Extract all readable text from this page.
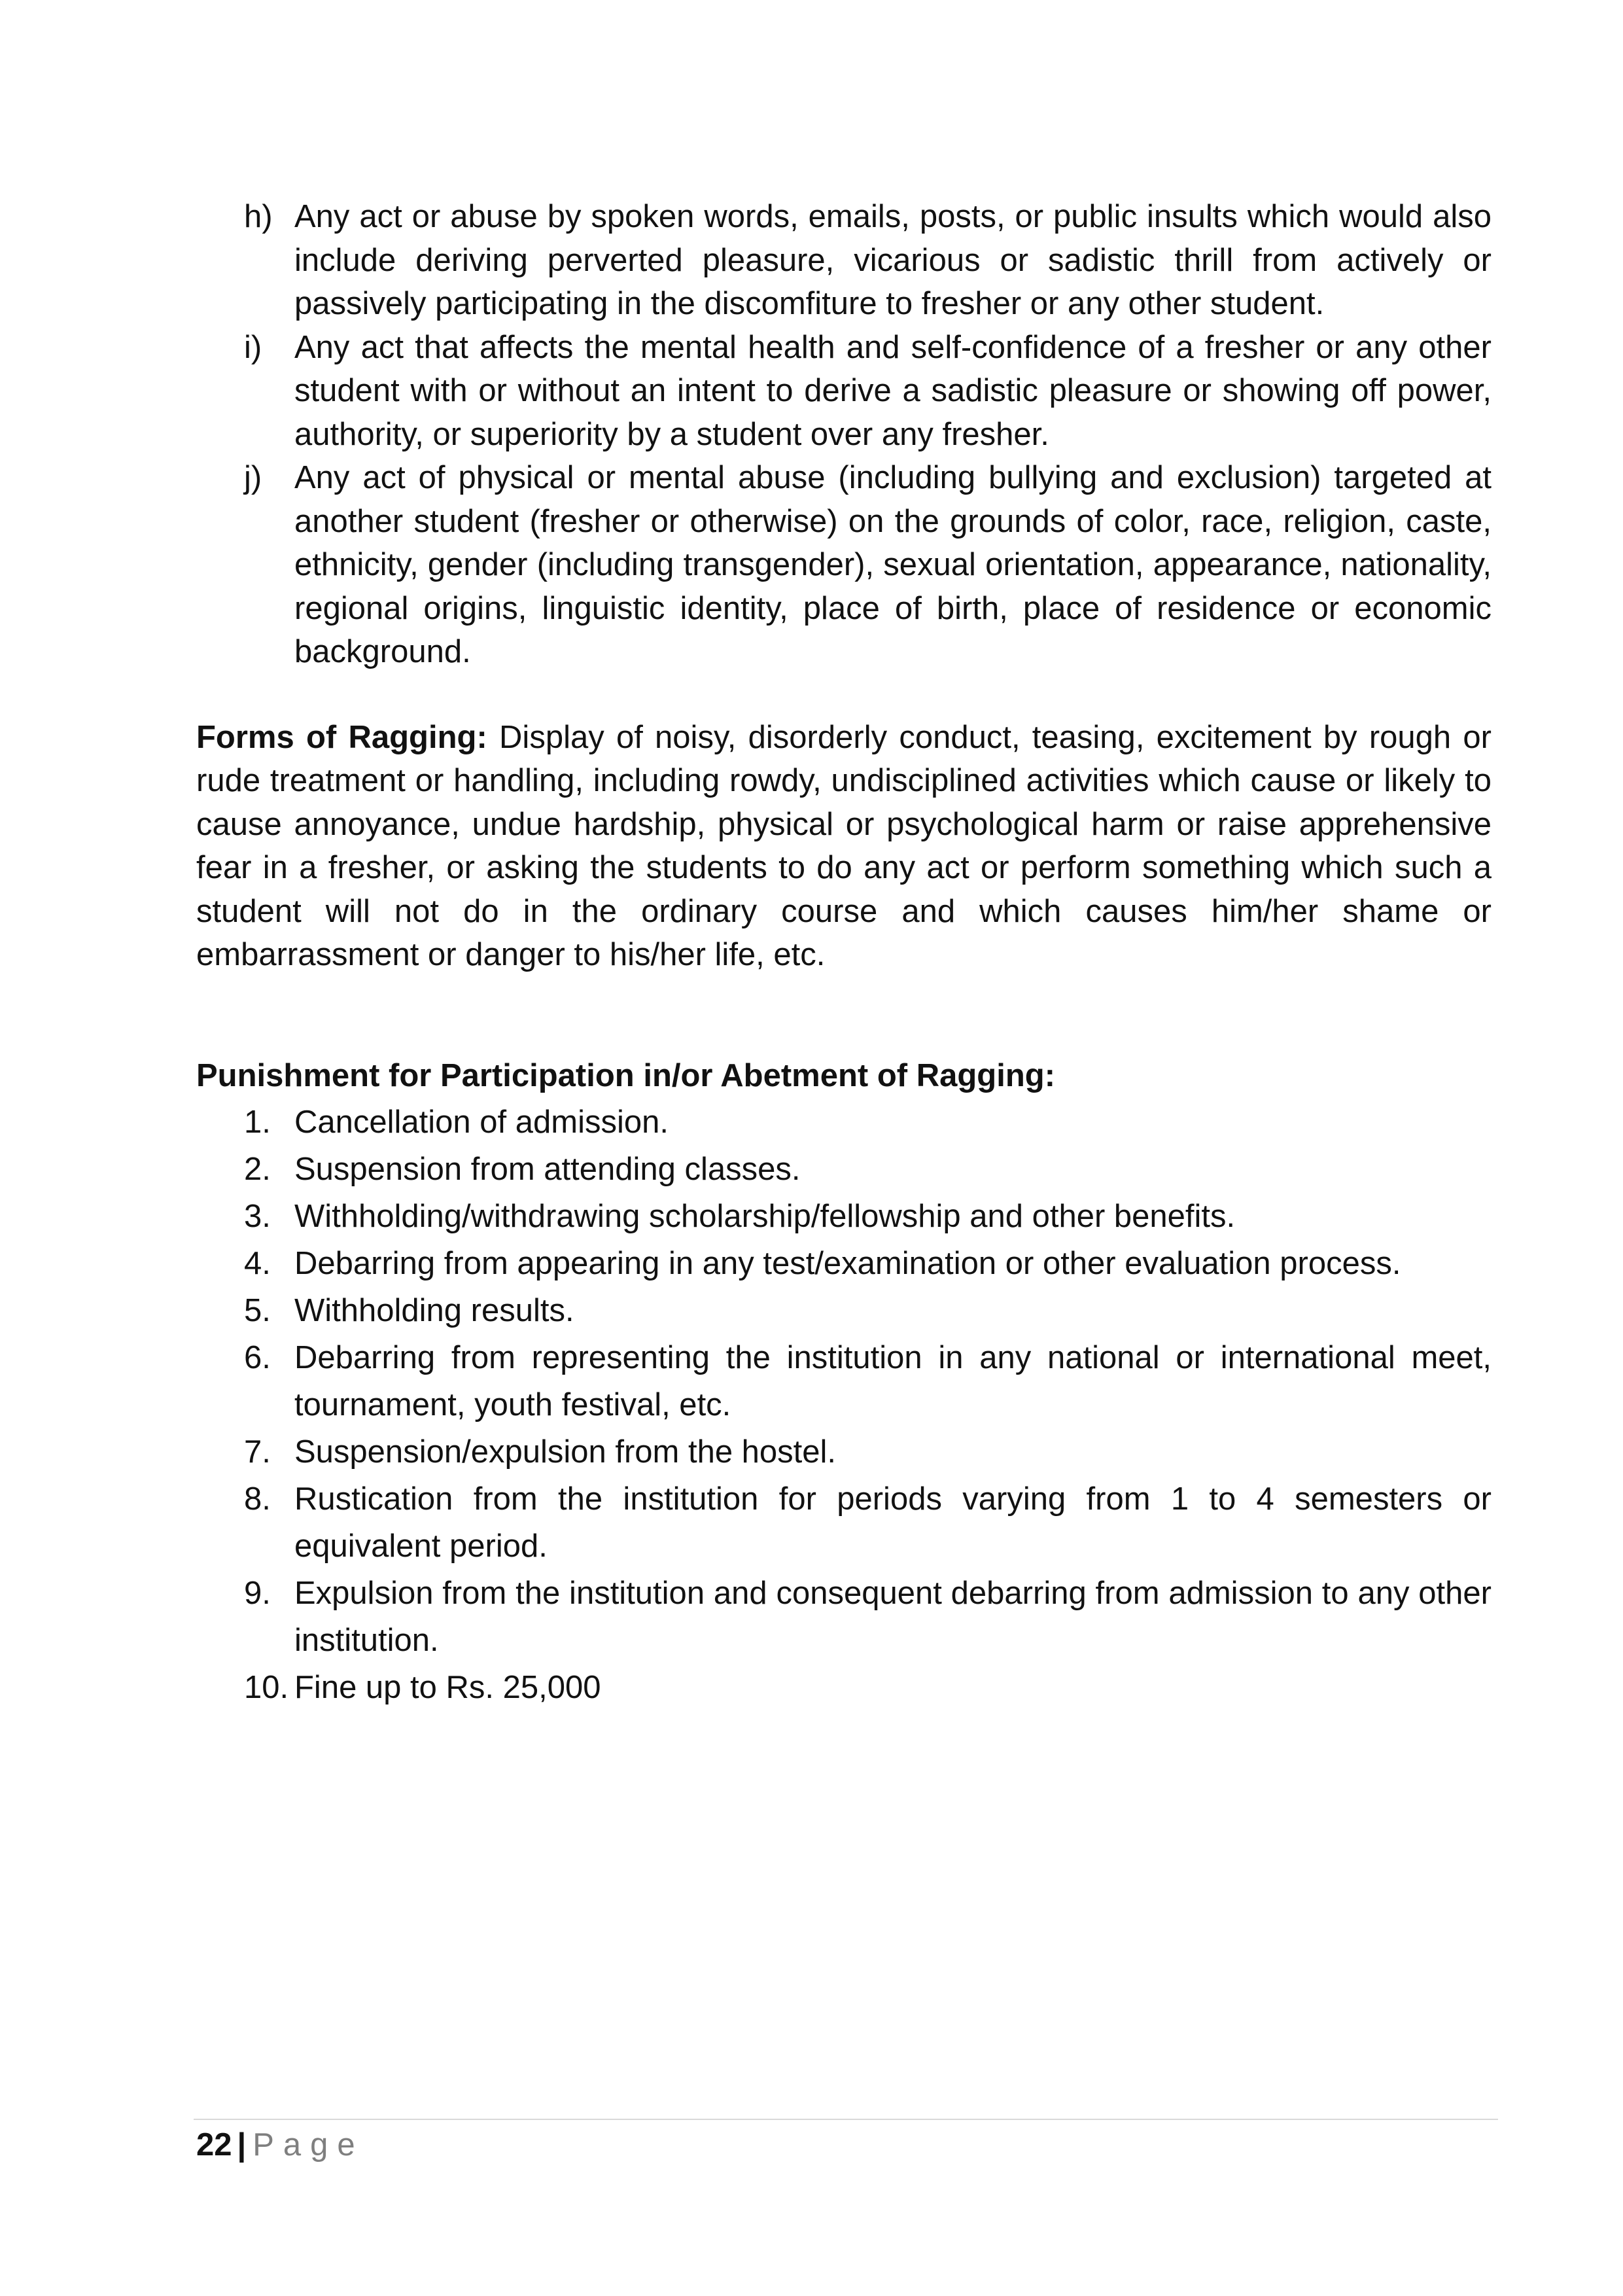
h) Any act or abuse by spoken words, emails, posts, or public insults which would also include deriving perverted pleasure, vicarious or sadistic thrill from actively or passively participating in the discomfiture to fresher or any other student.
i) Any act that affects the mental health and self-confidence of a fresher or any other student with or without an intent to derive a sadistic pleasure or showing off power, authority, or superiority by a student over any fresher.
j) Any act of physical or mental abuse (including bullying and exclusion) targeted at another student (fresher or otherwise) on the grounds of color, race, religion, caste, ethnicity, gender (including transgender), sexual orientation, appearance, nationality, regional origins, linguistic identity, place of birth, place of residence or economic background.

Forms of Ragging: Display of noisy, disorderly conduct, teasing, excitement by rough or rude treatment or handling, including rowdy, undisciplined activities which cause or likely to cause annoyance, undue hardship, physical or psychological harm or raise apprehensive fear in a fresher, or asking the students to do any act or perform something which such a student will not do in the ordinary course and which causes him/her shame or embarrassment or danger to his/her life, etc.

Punishment for Participation in/or Abetment of Ragging:
1. Cancellation of admission.
2. Suspension from attending classes.
3. Withholding/withdrawing scholarship/fellowship and other benefits.
4. Debarring from appearing in any test/examination or other evaluation process.
5. Withholding results.
6. Debarring from representing the institution in any national or international meet, tournament, youth festival, etc.
7. Suspension/expulsion from the hostel.
8. Rustication from the institution for periods varying from 1 to 4 semesters or equivalent period.
9. Expulsion from the institution and consequent debarring from admission to any other institution.
10. Fine up to Rs. 25,000
22 | Page
